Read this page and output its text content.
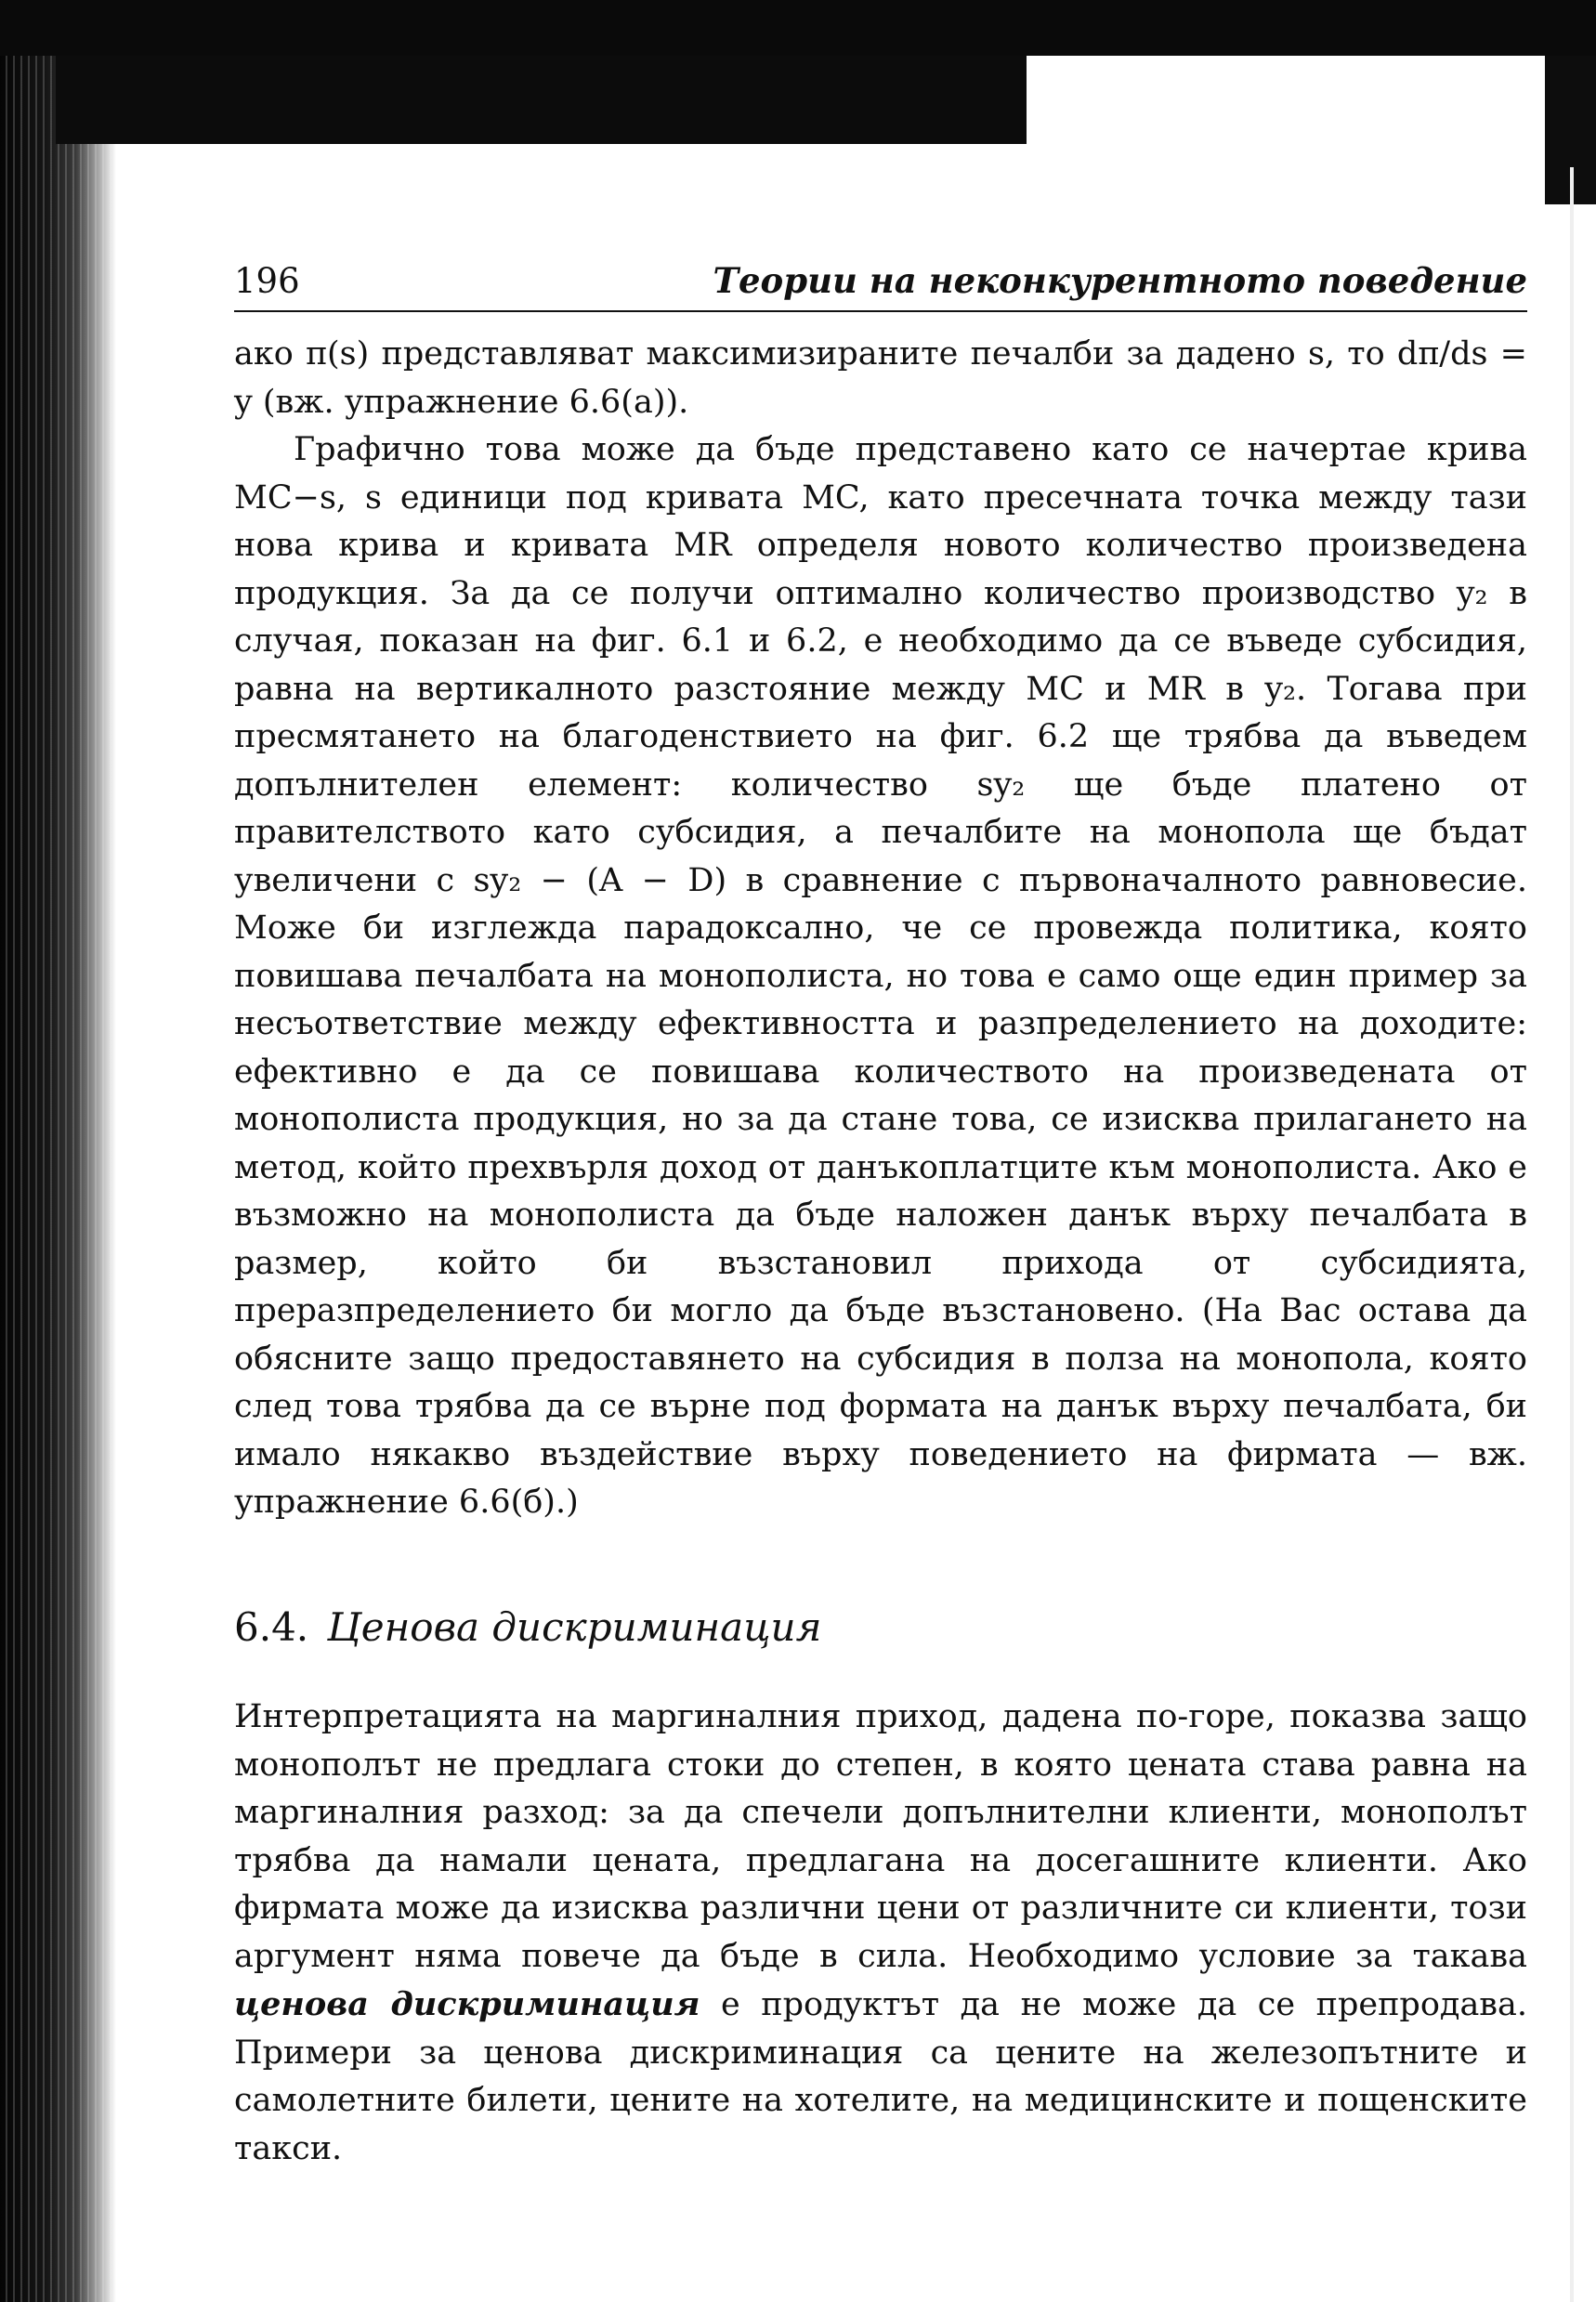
196	Теории на неконкурентното поведение

ако π(s) представляват максимизираните печалби за дадено s, то dπ/ds = y (вж. упражнение 6.6(a)).

Графично това може да бъде представено като се начертае крива MC−s, s единици под кривата MC, като пресечната точка между тази нова крива и кривата MR определя новото количество произведена продукция. За да се получи оптимално количество производство y₂ в случая, показан на фиг. 6.1 и 6.2, е необходимо да се въведе субсидия, равна на вертикалното разстояние между MC и MR в y₂. Тогава при пресмятането на благоденствието на фиг. 6.2 ще трябва да въведем допълнителен елемент: количество sy₂ ще бъде платено от правителството като субсидия, а печалбите на монопола ще бъдат увеличени с sy₂ − (A − D) в сравнение с първоначалното равновесие. Може би изглежда парадоксално, че се провежда политика, която повишава печалбата на монополиста, но това е само още един пример за несъответствие между ефективността и разпределението на доходите: ефективно е да се повишава количеството на произведената от монополиста продукция, но за да стане това, се изисква прилагането на метод, който прехвърля доход от данъкоплатците към монополиста. Ако е възможно на монополиста да бъде наложен данък върху печалбата в размер, който би възстановил прихода от субсидията, преразпределението би могло да бъде възстановено. (На Вас остава да обясните защо предоставянето на субсидия в полза на монопола, която след това трябва да се върне под формата на данък върху печалбата, би имало някакво въздействие върху поведението на фирмата — вж. упражнение 6.6(б).)

6.4. Ценова дискриминация

Интерпретацията на маргиналния приход, дадена по-горе, показва защо монополът не предлага стоки до степен, в която цената става равна на маргиналния разход: за да спечели допълнителни клиенти, монополът трябва да намали цената, предлагана на досегашните клиенти. Ако фирмата може да изисква различни цени от различните си клиенти, този аргумент няма повече да бъде в сила. Необходимо условие за такава ценова дискриминация е продуктът да не може да се препродава. Примери за ценова дискриминация са цените на железопътните и самолетните билети, цените на хотелите, на медицинските и пощенските такси.
